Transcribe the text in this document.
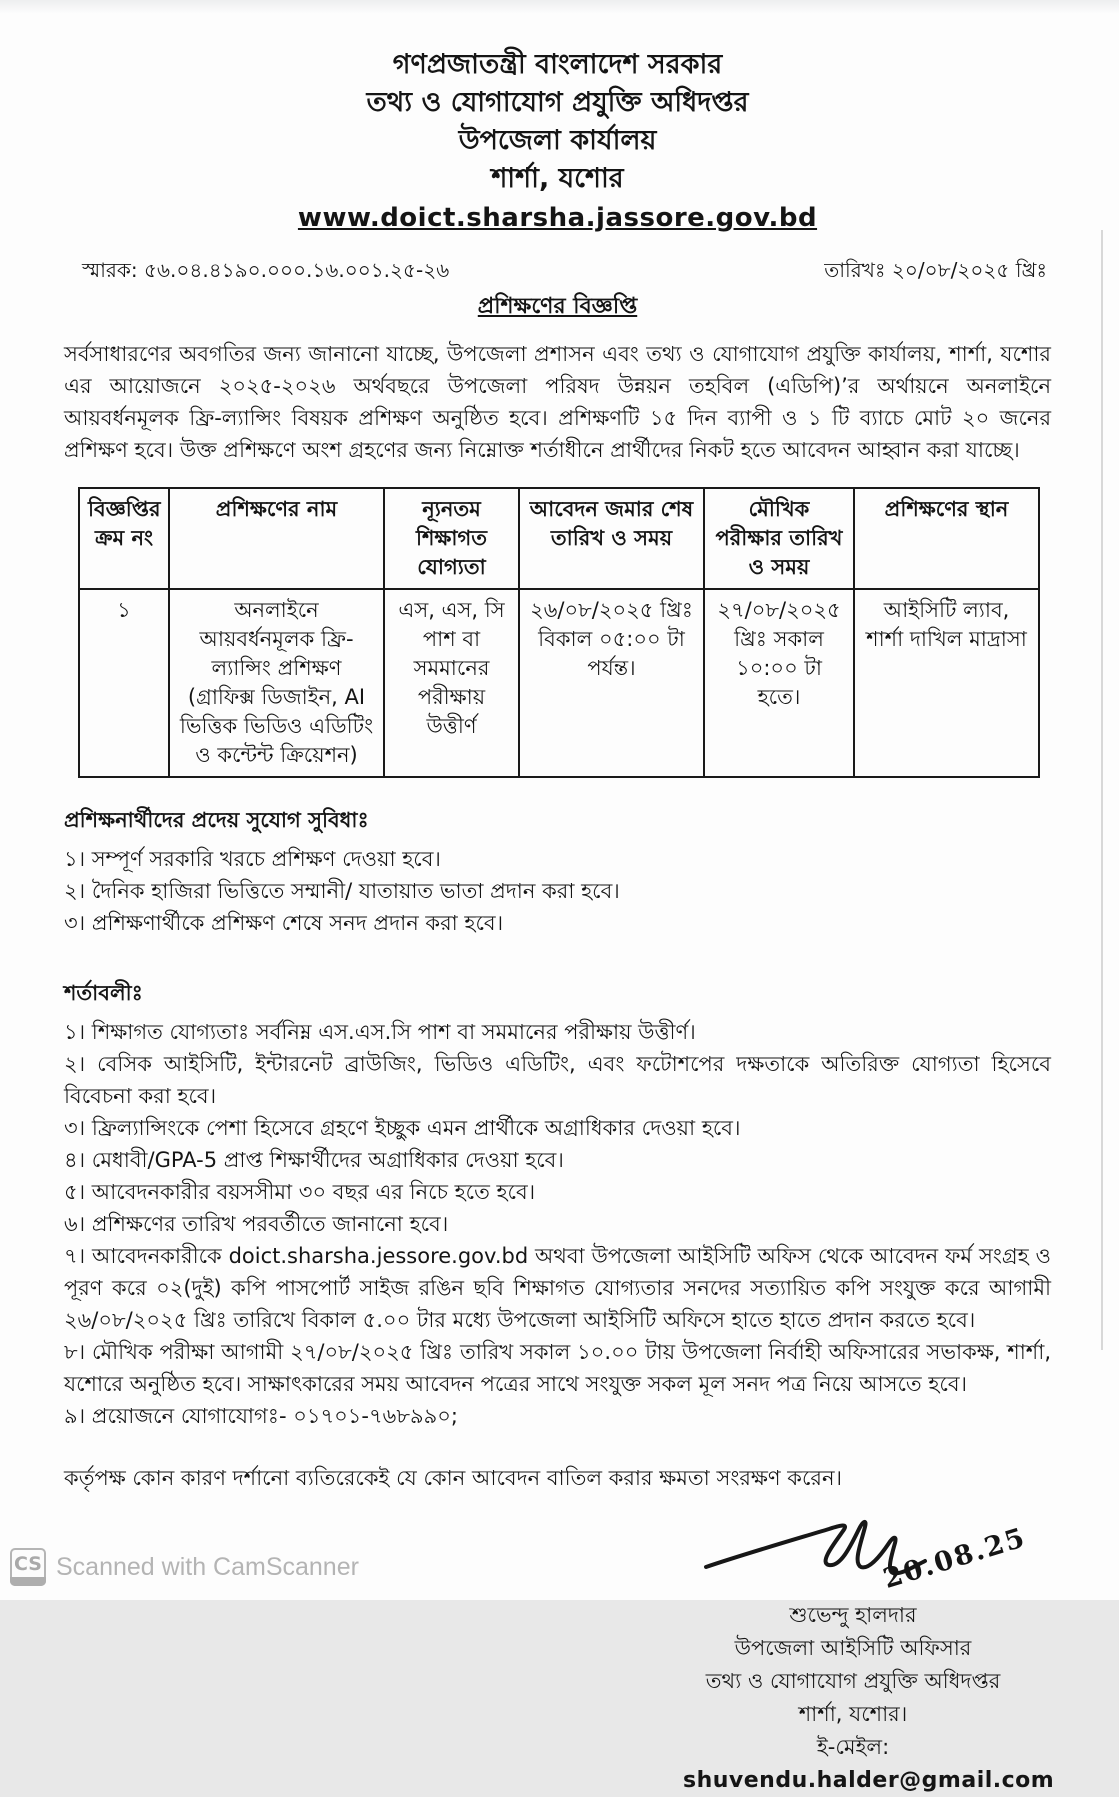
গণপ্রজাতন্ত্রী বাংলাদেশ সরকার
তথ্য ও যোগাযোগ প্রযুক্তি অধিদপ্তর
উপজেলা কার্যালয়
শার্শা, যশোর
www.doict.sharsha.jassore.gov.bd
স্মারক: ৫৬.০৪.৪১৯০.০০০.১৬.০০১.২৫-২৬	তারিখঃ ২০/০৮/২০২৫ খ্রিঃ
প্রশিক্ষণের বিজ্ঞপ্তি

সর্বসাধারণের অবগতির জন্য জানানো যাচ্ছে, উপজেলা প্রশাসন এবং তথ্য ও যোগাযোগ প্রযুক্তি কার্যালয়, শার্শা, যশোর এর আয়োজনে ২০২৫-২০২৬ অর্থবছরে উপজেলা পরিষদ উন্নয়ন তহবিল (এডিপি)’র অর্থায়নে অনলাইনে আয়বর্ধনমূলক ফ্রি-ল্যান্সিং বিষয়ক প্রশিক্ষণ অনুষ্ঠিত হবে। প্রশিক্ষণটি ১৫ দিন ব্যাপী ও ১ টি ব্যাচে মোট ২০ জনের প্রশিক্ষণ হবে। উক্ত প্রশিক্ষণে অংশ গ্রহণের জন্য নিম্নোক্ত শর্তাধীনে প্রার্থীদের নিকট হতে আবেদন আহ্বান করা যাচ্ছে।

বিজ্ঞপ্তির ক্রম নং	প্রশিক্ষণের নাম	ন্যূনতম শিক্ষাগত যোগ্যতা	আবেদন জমার শেষ তারিখ ও সময়	মৌখিক পরীক্ষার তারিখ ও সময়	প্রশিক্ষণের স্থান
১	অনলাইনে আয়বর্ধনমূলক ফ্রি-ল্যান্সিং প্রশিক্ষণ (গ্রাফিক্স ডিজাইন, AI ভিত্তিক ভিডিও এডিটিং ও কন্টেন্ট ক্রিয়েশন)	এস, এস, সি পাশ বা সমমানের পরীক্ষায় উত্তীর্ণ	২৬/০৮/২০২৫ খ্রিঃ বিকাল ০৫:০০ টা পর্যন্ত।	২৭/০৮/২০২৫ খ্রিঃ সকাল ১০:০০ টা হতে।	আইসিটি ল্যাব, শার্শা দাখিল মাদ্রাসা
প্রশিক্ষনার্থীদের প্রদেয় সুযোগ সুবিধাঃ
১। সম্পূর্ণ সরকারি খরচে প্রশিক্ষণ দেওয়া হবে।
২। দৈনিক হাজিরা ভিত্তিতে সম্মানী/ যাতায়াত ভাতা প্রদান করা হবে।
৩। প্রশিক্ষণার্থীকে প্রশিক্ষণ শেষে সনদ প্রদান করা হবে।
শর্তাবলীঃ
১। শিক্ষাগত যোগ্যতাঃ সর্বনিম্ন এস.এস.সি পাশ বা সমমানের পরীক্ষায় উত্তীর্ণ।
২। বেসিক আইসিটি, ইন্টারনেট ব্রাউজিং, ভিডিও এডিটিং, এবং ফটোশপের দক্ষতাকে অতিরিক্ত যোগ্যতা হিসেবে বিবেচনা করা হবে।
৩। ফ্রিল্যান্সিংকে পেশা হিসেবে গ্রহণে ইচ্ছুক এমন প্রার্থীকে অগ্রাধিকার দেওয়া হবে।
৪। মেধাবী/GPA-5 প্রাপ্ত শিক্ষার্থীদের অগ্রাধিকার দেওয়া হবে।
৫। আবেদনকারীর বয়সসীমা ৩০ বছর এর নিচে হতে হবে।
৬। প্রশিক্ষণের তারিখ পরবর্তীতে জানানো হবে।
৭। আবেদনকারীকে doict.sharsha.jessore.gov.bd অথবা উপজেলা আইসিটি অফিস থেকে আবেদন ফর্ম সংগ্রহ ও পূরণ করে ০২(দুই) কপি পাসপোর্ট সাইজ রঙিন ছবি শিক্ষাগত যোগ্যতার সনদের সত্যায়িত কপি সংযুক্ত করে আগামী ২৬/০৮/২০২৫ খ্রিঃ তারিখে বিকাল ৫.০০ টার মধ্যে উপজেলা আইসিটি অফিসে হাতে হাতে প্রদান করতে হবে।
৮। মৌখিক পরীক্ষা আগামী ২৭/০৮/২০২৫ খ্রিঃ তারিখ সকাল ১০.০০ টায় উপজেলা নির্বাহী অফিসারের সভাকক্ষ, শার্শা, যশোরে অনুষ্ঠিত হবে। সাক্ষাৎকারের সময় আবেদন পত্রের সাথে সংযুক্ত সকল মূল সনদ পত্র নিয়ে আসতে হবে।
৯। প্রয়োজনে যোগাযোগঃ- ০১৭০১-৭৬৮৯৯০;

কর্তৃপক্ষ কোন কারণ দর্শানো ব্যতিরেকেই যে কোন আবেদন বাতিল করার ক্ষমতা সংরক্ষণ করেন।

20.08.25
শুভেন্দু হালদার
উপজেলা আইসিটি অফিসার
তথ্য ও যোগাযোগ প্রযুক্তি অধিদপ্তর
শার্শা, যশোর।
ই-মেইল:
shuvendu.halder@gmail.com
CS Scanned with CamScanner
